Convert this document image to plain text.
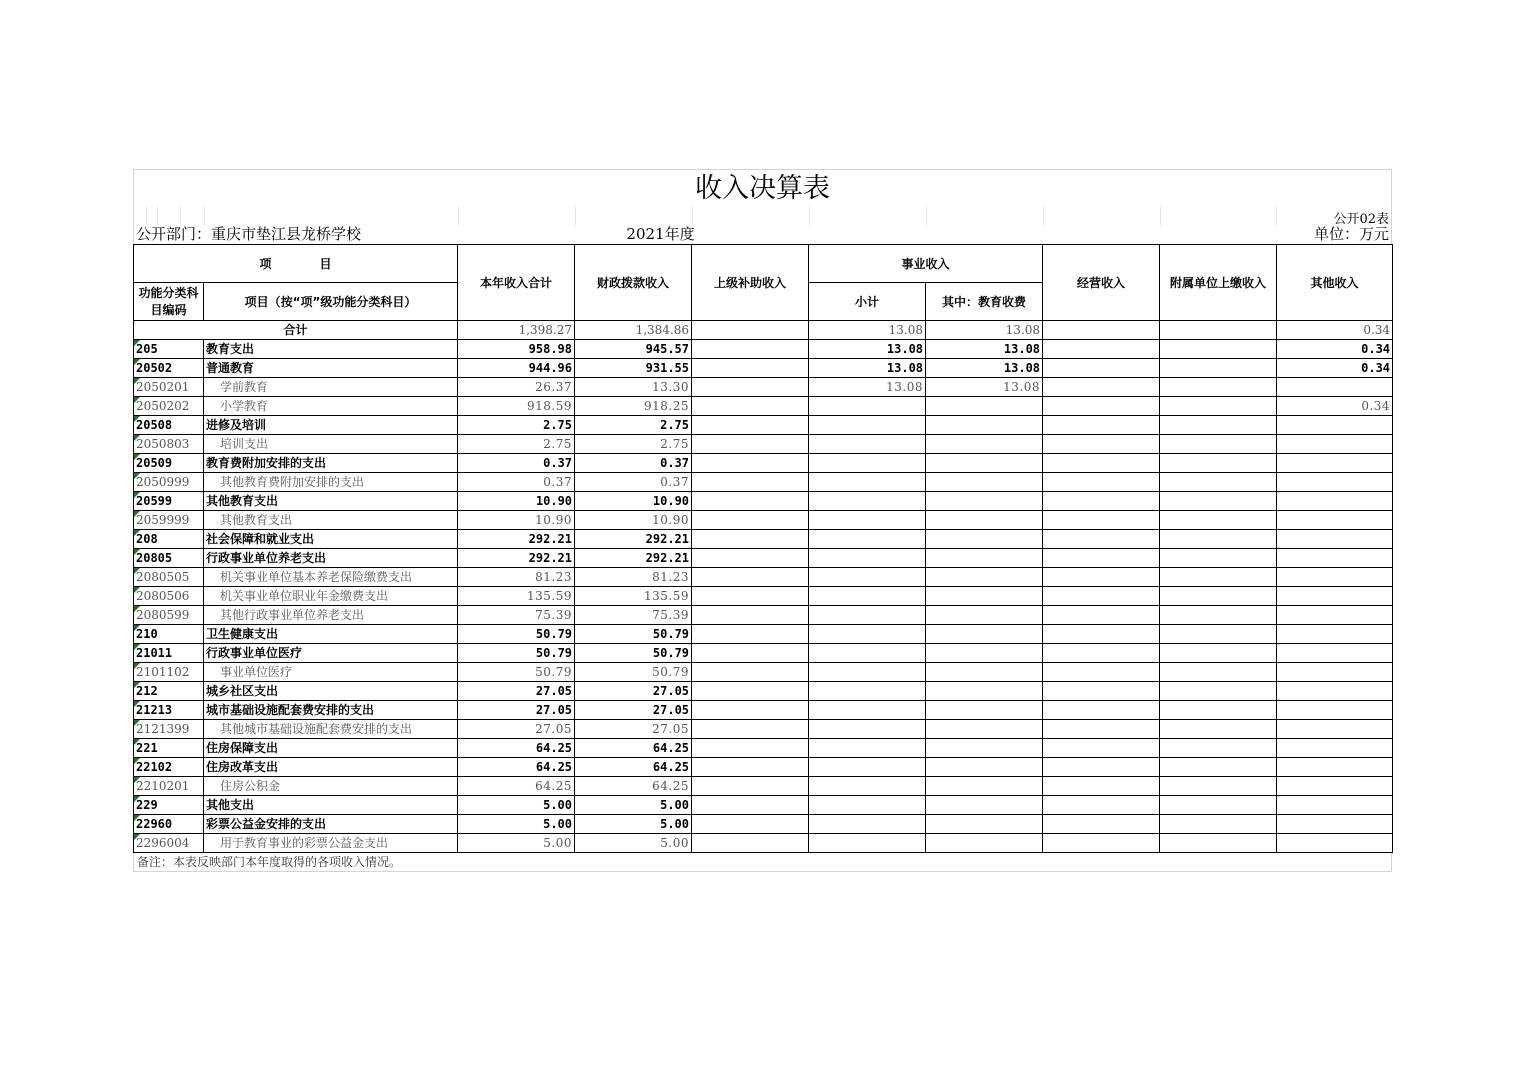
收入决算表
公开02表
公开部门：重庆市垫江县龙桥学校	2021年度	单位：万元
项　　　　目		本年收入合计	财政拨款收入	上级补助收入	事业收入		经营收入	附属单位上缴收入	其他收入
功能分类科目编码	项目（按“项”级功能分类科目）				小计	其中：教育收费			

合计		1,398.27	1,384.86		13.08	13.08			0.34

205	教育支出	958.98	945.57		13.08	13.08			0.34

20502	普通教育	944.96	931.55		13.08	13.08			0.34

2050201	学前教育	26.37	13.30		13.08	13.08			

2050202	小学教育	918.59	918.25						0.34

20508	进修及培训	2.75	2.75						

2050803	培训支出	2.75	2.75						

20509	教育费附加安排的支出	0.37	0.37						

2050999	其他教育费附加安排的支出	0.37	0.37						

20599	其他教育支出	10.90	10.90						

2059999	其他教育支出	10.90	10.90						

208	社会保障和就业支出	292.21	292.21						

20805	行政事业单位养老支出	292.21	292.21						

2080505	机关事业单位基本养老保险缴费支出	81.23	81.23						

2080506	机关事业单位职业年金缴费支出	135.59	135.59						

2080599	其他行政事业单位养老支出	75.39	75.39						

210	卫生健康支出	50.79	50.79						

21011	行政事业单位医疗	50.79	50.79						

2101102	事业单位医疗	50.79	50.79						

212	城乡社区支出	27.05	27.05						

21213	城市基础设施配套费安排的支出	27.05	27.05						

2121399	其他城市基础设施配套费安排的支出	27.05	27.05						

221	住房保障支出	64.25	64.25						

22102	住房改革支出	64.25	64.25						

2210201	住房公积金	64.25	64.25						

229	其他支出	5.00	5.00						

22960	彩票公益金安排的支出	5.00	5.00						

2296004	用于教育事业的彩票公益金支出	5.00	5.00						
备注：本表反映部门本年度取得的各项收入情况。
